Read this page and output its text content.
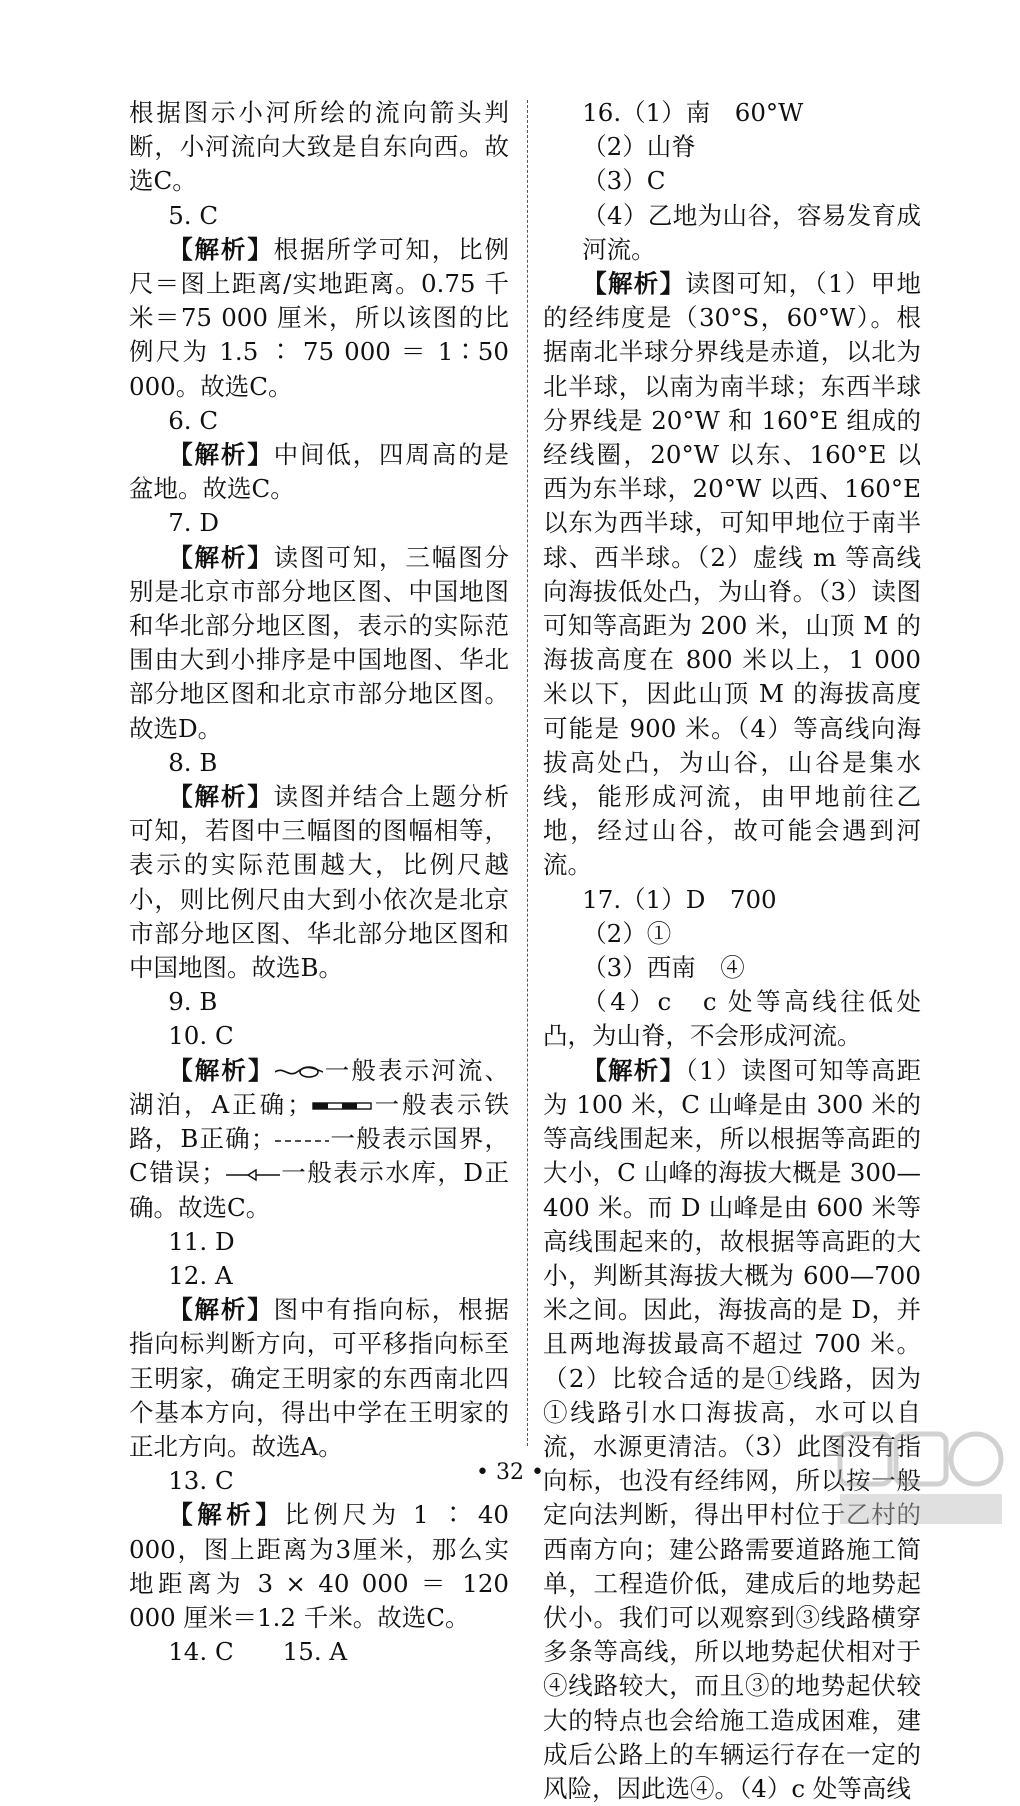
根据图示小河所绘的流向箭头判断，小河流向大致是自东向西。故选C。

5. C

【解析】根据所学可知，比例尺＝图上距离/实地距离。0.75 千米＝75 000 厘米，所以该图的比例尺为 1.5 ∶ 75 000 ＝ 1∶50 000。故选C。

6. C

【解析】中间低，四周高的是盆地。故选C。

7. D

【解析】读图可知，三幅图分别是北京市部分地区图、中国地图和华北部分地区图，表示的实际范围由大到小排序是中国地图、华北部分地区图和北京市部分地区图。故选D。

8. B

【解析】读图并结合上题分析可知，若图中三幅图的图幅相等，表示的实际范围越大，比例尺越小，则比例尺由大到小依次是北京市部分地区图、华北部分地区图和中国地图。故选B。

9. B

10. C

【解析】 一般表示河流、湖泊，A正确； 一般表示铁路，B正确； 一般表示国界，C错误； 一般表示水库，D正确。故选C。

11. D

12. A

【解析】图中有指向标，根据指向标判断方向，可平移指向标至王明家，确定王明家的东西南北四个基本方向，得出中学在王明家的正北方向。故选A。

13. C

【解析】比例尺为 1 ∶ 40 000，图上距离为3厘米，那么实地距离为 3 × 40 000 ＝ 120 000 厘米＝1.2 千米。故选C。

14. C　　15. A

16.（1）南　60°W

（2）山脊

（3）C

（4）乙地为山谷，容易发育成河流。

【解析】读图可知，（1）甲地的经纬度是（30°S，60°W）。根据南北半球分界线是赤道，以北为北半球，以南为南半球；东西半球分界线是 20°W 和 160°E 组成的经线圈，20°W 以东、160°E 以西为东半球，20°W 以西、160°E 以东为西半球，可知甲地位于南半球、西半球。（2）虚线 m 等高线向海拔低处凸，为山脊。（3）读图可知等高距为 200 米，山顶 M 的海拔高度在 800 米以上，1 000 米以下，因此山顶 M 的海拔高度可能是 900 米。（4）等高线向海拔高处凸，为山谷，山谷是集水线，能形成河流，由甲地前往乙地，经过山谷，故可能会遇到河流。

17.（1）D　700

（2）①

（3）西南　④

（4）c　c 处等高线往低处凸，为山脊，不会形成河流。

【解析】（1）读图可知等高距为 100 米，C 山峰是由 300 米的等高线围起来，所以根据等高距的大小，C 山峰的海拔大概是 300—400 米。而 D 山峰是由 600 米等高线围起来的，故根据等高距的大小，判断其海拔大概为 600—700 米之间。因此，海拔高的是 D，并且两地海拔最高不超过 700 米。（2）比较合适的是①线路，因为①线路引水口海拔高，水可以自流，水源更清洁。（3）此图没有指向标，也没有经纬网，所以按一般定向法判断，得出甲村位于乙村的西南方向；建公路需要道路施工简单，工程造价低，建成后的地势起伏小。我们可以观察到③线路横穿多条等高线，所以地势起伏相对于④线路较大，而且③的地势起伏较大的特点也会给施工造成困难，建成后公路上的车辆运行存在一定的风险，因此选④。（4）c 处等高线

• 32 •
